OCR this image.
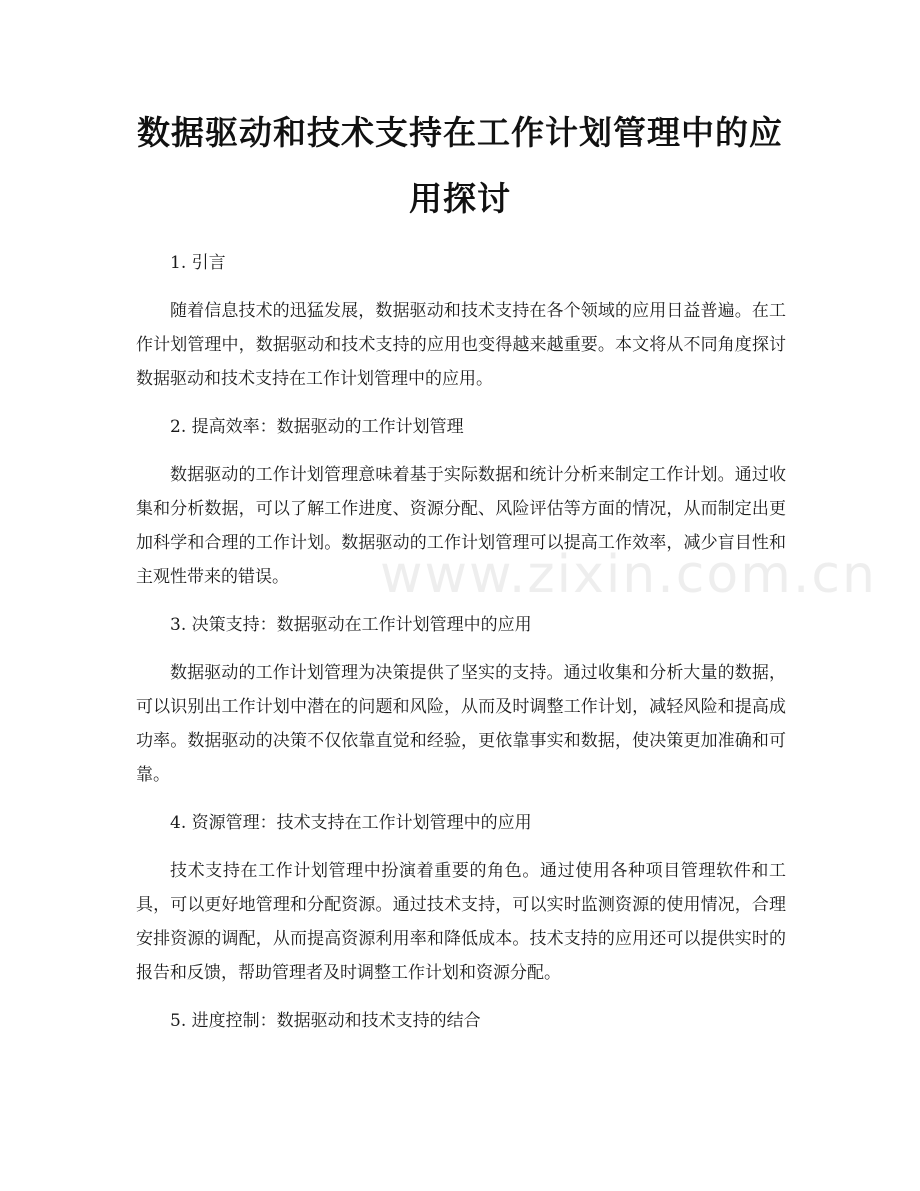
数据驱动和技术支持在工作计划管理中的应用探讨

1. 引言

随着信息技术的迅猛发展，数据驱动和技术支持在各个领域的应用日益普遍。在工作计划管理中，数据驱动和技术支持的应用也变得越来越重要。本文将从不同角度探讨数据驱动和技术支持在工作计划管理中的应用。

2. 提高效率：数据驱动的工作计划管理

数据驱动的工作计划管理意味着基于实际数据和统计分析来制定工作计划。通过收集和分析数据，可以了解工作进度、资源分配、风险评估等方面的情况，从而制定出更加科学和合理的工作计划。数据驱动的工作计划管理可以提高工作效率，减少盲目性和主观性带来的错误。

3. 决策支持：数据驱动在工作计划管理中的应用

数据驱动的工作计划管理为决策提供了坚实的支持。通过收集和分析大量的数据，可以识别出工作计划中潜在的问题和风险，从而及时调整工作计划，减轻风险和提高成功率。数据驱动的决策不仅依靠直觉和经验，更依靠事实和数据，使决策更加准确和可靠。

4. 资源管理：技术支持在工作计划管理中的应用

技术支持在工作计划管理中扮演着重要的角色。通过使用各种项目管理软件和工具，可以更好地管理和分配资源。通过技术支持，可以实时监测资源的使用情况，合理安排资源的调配，从而提高资源利用率和降低成本。技术支持的应用还可以提供实时的报告和反馈，帮助管理者及时调整工作计划和资源分配。

5. 进度控制：数据驱动和技术支持的结合

www.zixin.com.cn
